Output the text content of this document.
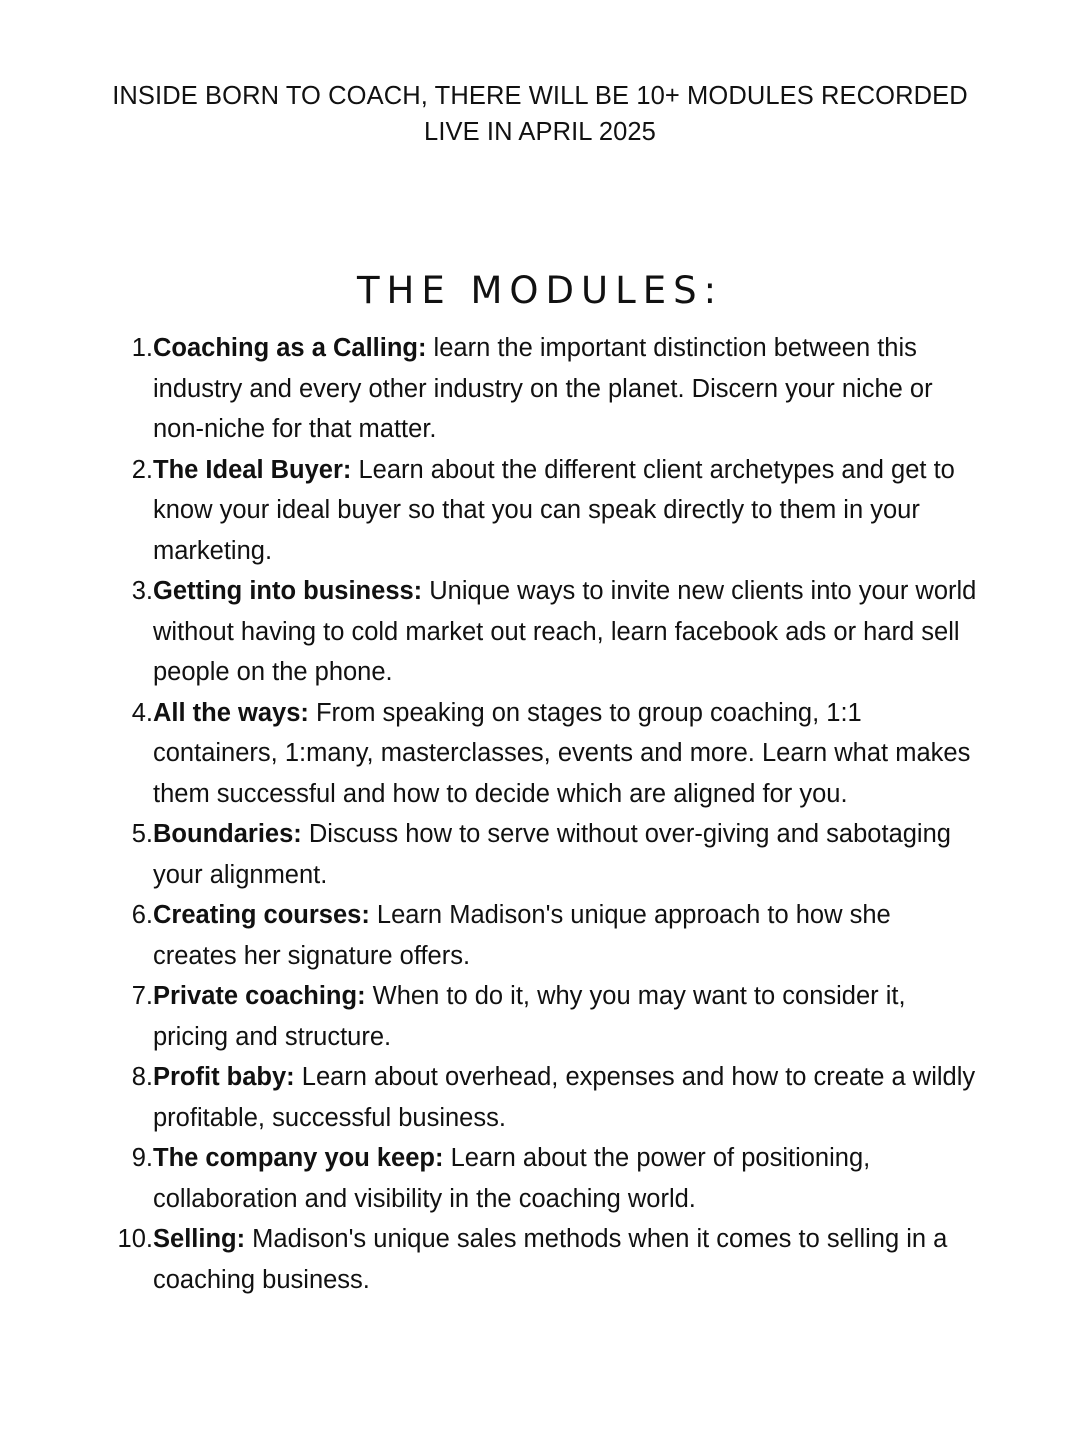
INSIDE BORN TO COACH, THERE WILL BE 10+ MODULES RECORDED
LIVE IN APRIL 2025
THE MODULES:
1. Coaching as a Calling: learn the important distinction between this industry and every other industry on the planet. Discern your niche or non-niche for that matter.
2. The Ideal Buyer: Learn about the different client archetypes and get to know your ideal buyer so that you can speak directly to them in your marketing.
3. Getting into business: Unique ways to invite new clients into your world without having to cold market out reach, learn facebook ads or hard sell people on the phone.
4. All the ways: From speaking on stages to group coaching, 1:1 containers, 1:many, masterclasses, events and more. Learn what makes them successful and how to decide which are aligned for you.
5. Boundaries: Discuss how to serve without over-giving and sabotaging your alignment.
6. Creating courses: Learn Madison's unique approach to how she creates her signature offers.
7. Private coaching: When to do it, why you may want to consider it, pricing and structure.
8. Profit baby: Learn about overhead, expenses and how to create a wildly profitable, successful business.
9. The company you keep: Learn about the power of positioning, collaboration and visibility in the coaching world.
10. Selling: Madison's unique sales methods when it comes to selling in a coaching business.
